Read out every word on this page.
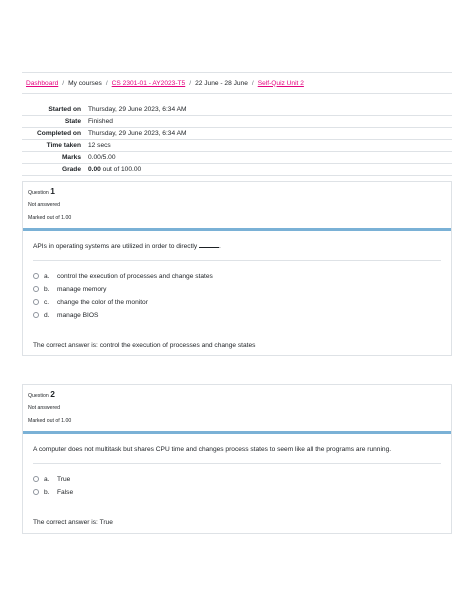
Dashboard / My courses / CS 2301-01 - AY2023-T5 / 22 June - 28 June / Self-Quiz Unit 2
Started on	Thursday, 29 June 2023, 6:34 AM
State	Finished
Completed on	Thursday, 29 June 2023, 6:34 AM
Time taken	12 secs
Marks	0.00/5.00
Grade	0.00 out of 100.00
Question 1
Not answered
Marked out of 1.00
APIs in operating systems are utilized in order to directly	.
a.	control the execution of processes and change states
b.	manage memory
c.	change the color of the monitor
d.	manage BIOS
The correct answer is: control the execution of processes and change states
Question 2
Not answered
Marked out of 1.00
A computer does not multitask but shares CPU time and changes process states to seem like all the programs are running.
a.	True
b.	False
The correct answer is: True
